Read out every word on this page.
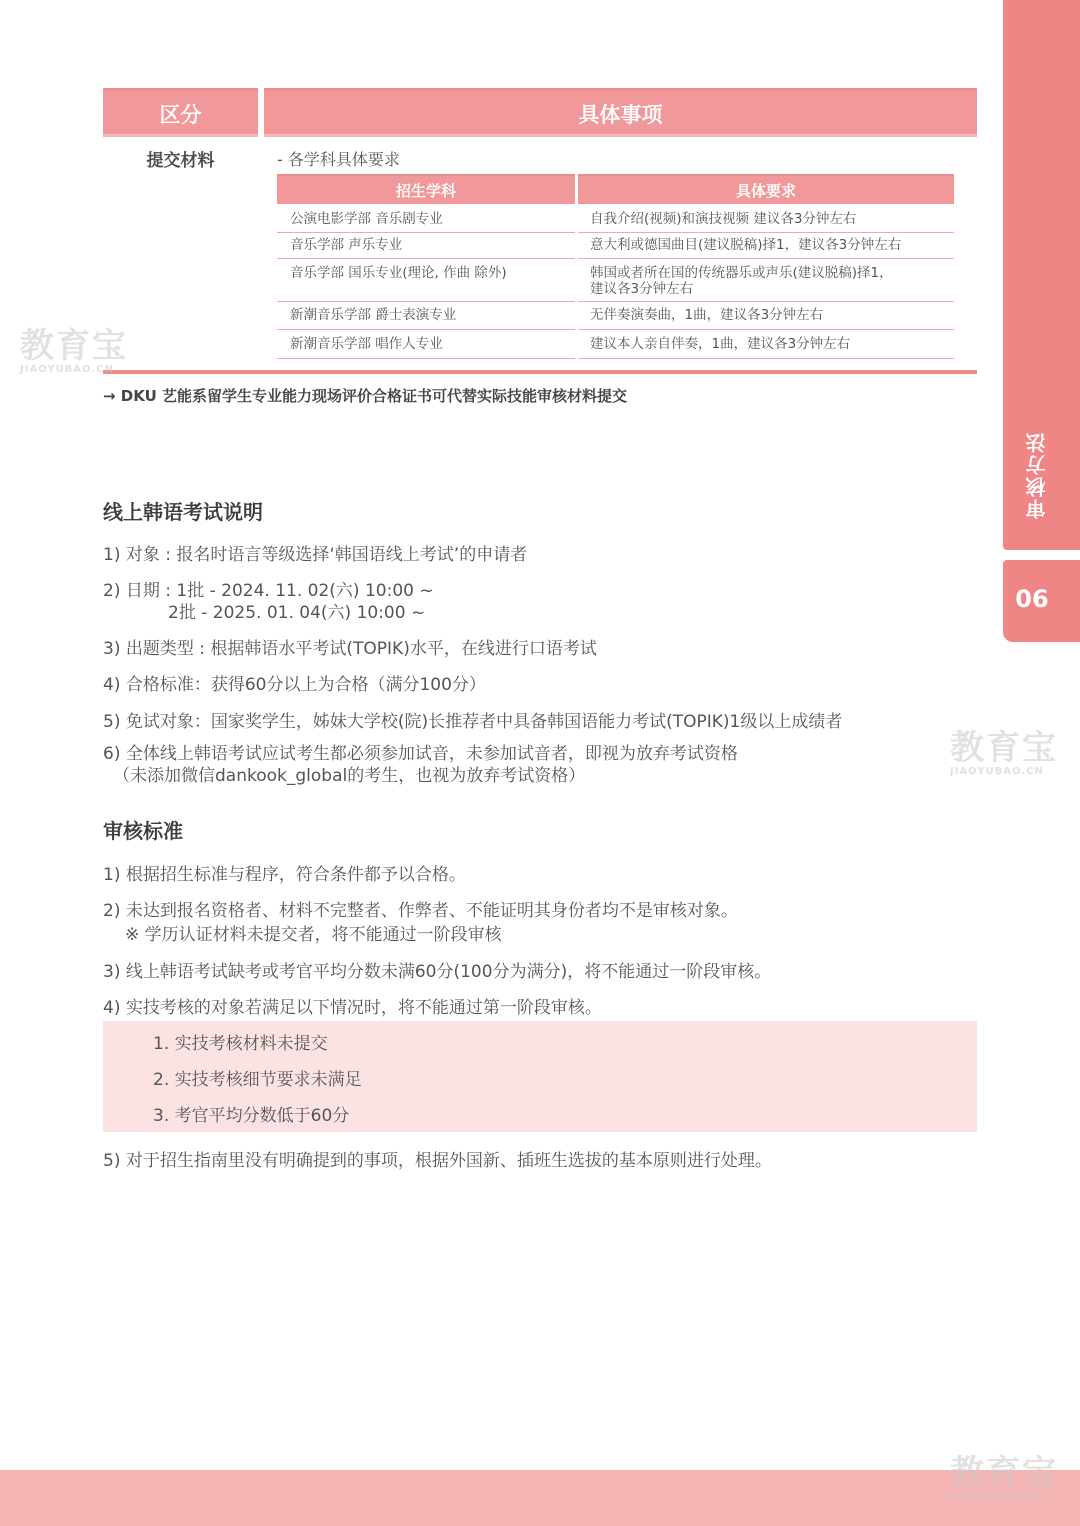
审核方法
06
区分	具体事项
提交材料	- 各学科具体要求
招生学科	具体要求
公演电影学部 音乐剧专业	自我介绍(视频)和演技视频 建议各3分钟左右
音乐学部 声乐专业	意大利或德国曲目(建议脱稿)择1，建议各3分钟左右
音乐学部 国乐专业(理论, 作曲 除外)	韩国或者所在国的传统器乐或声乐(建议脱稿)择1，
建议各3分钟左右
新潮音乐学部 爵士表演专业	无伴奏演奏曲，1曲，建议各3分钟左右
新潮音乐学部 唱作人专业	建议本人亲自伴奏，1曲，建议各3分钟左右
→ DKU 艺能系留学生专业能力现场评价合格证书可代替实际技能审核材料提交
线上韩语考试说明
1) 对象 : 报名时语言等级选择‘韩国语线上考试’的申请者
2) 日期 : 1批 - 2024. 11. 02(六) 10:00 ~
2批 - 2025. 01. 04(六) 10:00 ~
3) 出题类型 : 根据韩语水平考试(TOPIK)水平，在线进行口语考试
4) 合格标准：获得60分以上为合格（满分100分）
5) 免试对象：国家奖学生，姊妹大学校(院)长推荐者中具备韩国语能力考试(TOPIK)1级以上成绩者
6) 全体线上韩语考试应试考生都必须参加试音，未参加试音者，即视为放弃考试资格
（未添加微信dankook_global的考生，也视为放弃考试资格）
审核标准
1) 根据招生标准与程序，符合条件都予以合格。
2) 未达到报名资格者、材料不完整者、作弊者、不能证明其身份者均不是审核对象。
※ 学历认证材料未提交者，将不能通过一阶段审核
3) 线上韩语考试缺考或考官平均分数未满60分(100分为满分)，将不能通过一阶段审核。
4) 实技考核的对象若满足以下情况时，将不能通过第一阶段审核。
1. 实技考核材料未提交
2. 实技考核细节要求未满足
3. 考官平均分数低于60分
5) 对于招生指南里没有明确提到的事项，根据外国新、插班生选拔的基本原则进行处理。
教育宝
JIAOYUBAO.CN
教育宝
JIAOYUBAO.CN
教育宝
JIAOYUBAO.CN
